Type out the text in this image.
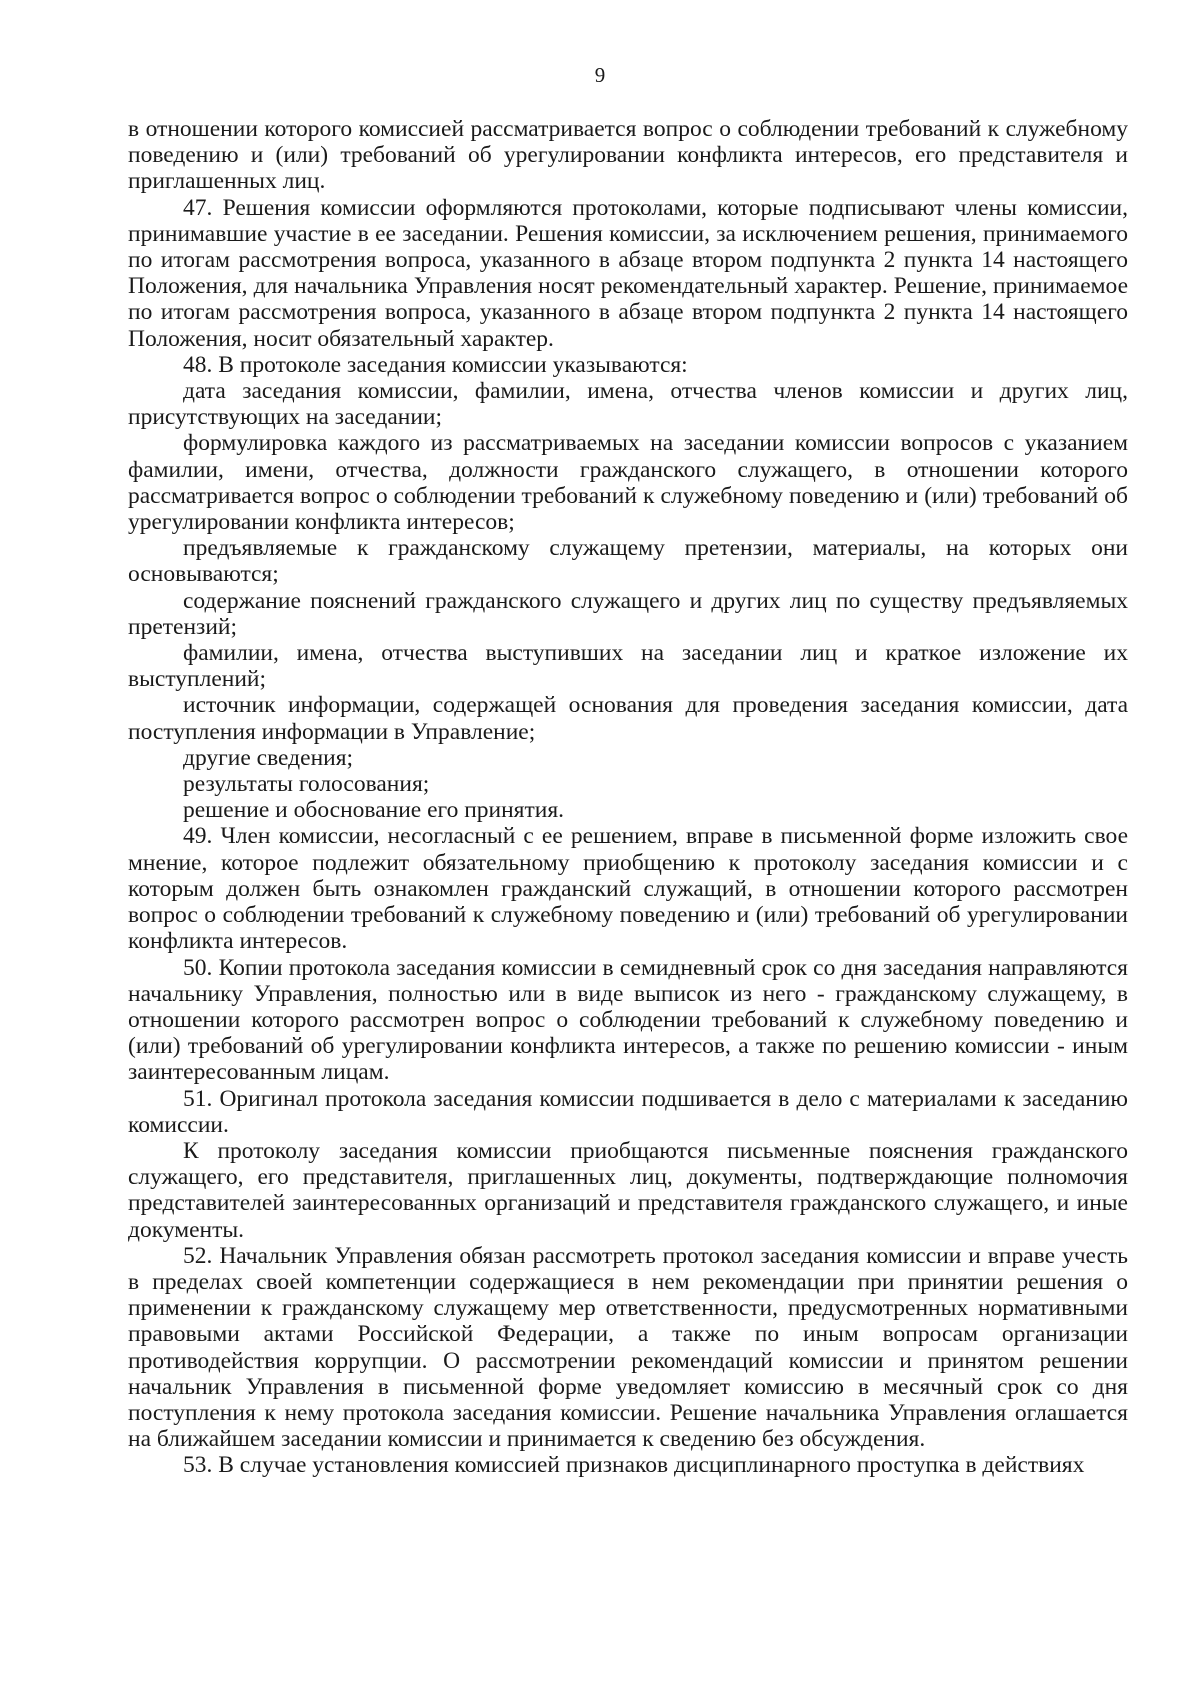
9

в отношении которого комиссией рассматривается вопрос о соблюдении требований к служебному поведению и (или) требований об урегулировании конфликта интересов, его представителя и приглашенных лиц.

47. Решения комиссии оформляются протоколами, которые подписывают члены комиссии, принимавшие участие в ее заседании. Решения комиссии, за исключением решения, принимаемого по итогам рассмотрения вопроса, указанного в абзаце втором подпункта 2 пункта 14 настоящего Положения, для начальника Управления носят рекомендательный характер. Решение, принимаемое по итогам рассмотрения вопроса, указанного в абзаце втором подпункта 2 пункта 14 настоящего Положения, носит обязательный характер.

48. В протоколе заседания комиссии указываются:

дата заседания комиссии, фамилии, имена, отчества членов комиссии и других лиц, присутствующих на заседании;

формулировка каждого из рассматриваемых на заседании комиссии вопросов с указанием фамилии, имени, отчества, должности гражданского служащего, в отношении которого рассматривается вопрос о соблюдении требований к служебному поведению и (или) требований об урегулировании конфликта интересов;

предъявляемые к гражданскому служащему претензии, материалы, на которых они основываются;

содержание пояснений гражданского служащего и других лиц по существу предъявляемых претензий;

фамилии, имена, отчества выступивших на заседании лиц и краткое изложение их выступлений;

источник информации, содержащей основания для проведения заседания комиссии, дата поступления информации в Управление;

другие сведения;

результаты голосования;

решение и обоснование его принятия.

49. Член комиссии, несогласный с ее решением, вправе в письменной форме изложить свое мнение, которое подлежит обязательному приобщению к протоколу заседания комиссии и с которым должен быть ознакомлен гражданский служащий, в отношении которого рассмотрен вопрос о соблюдении требований к служебному поведению и (или) требований об урегулировании конфликта интересов.

50. Копии протокола заседания комиссии в семидневный срок со дня заседания направляются начальнику Управления, полностью или в виде выписок из него - гражданскому служащему, в отношении которого рассмотрен вопрос о соблюдении требований к служебному поведению и (или) требований об урегулировании конфликта интересов, а также по решению комиссии - иным заинтересованным лицам.

51. Оригинал протокола заседания комиссии подшивается в дело с материалами к заседанию комиссии.

К протоколу заседания комиссии приобщаются письменные пояснения гражданского служащего, его представителя, приглашенных лиц, документы, подтверждающие полномочия представителей заинтересованных организаций и представителя гражданского служащего, и иные документы.

52. Начальник Управления обязан рассмотреть протокол заседания комиссии и вправе учесть в пределах своей компетенции содержащиеся в нем рекомендации при принятии решения о применении к гражданскому служащему мер ответственности, предусмотренных нормативными правовыми актами Российской Федерации, а также по иным вопросам организации противодействия коррупции. О рассмотрении рекомендаций комиссии и принятом решении начальник Управления в письменной форме уведомляет комиссию в месячный срок со дня поступления к нему протокола заседания комиссии. Решение начальника Управления оглашается на ближайшем заседании комиссии и принимается к сведению без обсуждения.

53. В случае установления комиссией признаков дисциплинарного проступка в действиях
